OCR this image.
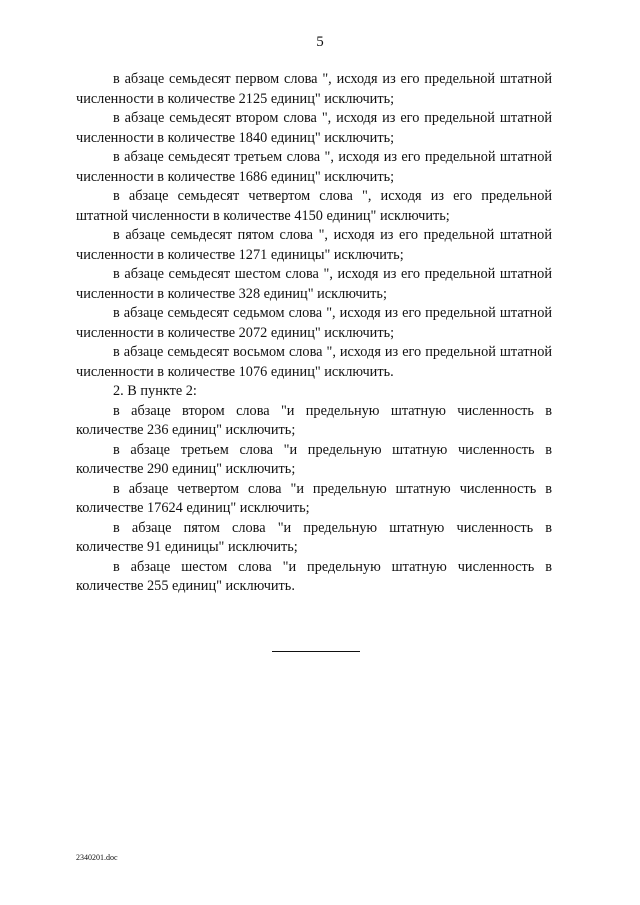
5

в абзаце семьдесят первом слова ", исходя из его предельной штатной численности в количестве 2125 единиц" исключить;

в абзаце семьдесят втором слова ", исходя из его предельной штатной численности в количестве 1840 единиц" исключить;

в абзаце семьдесят третьем слова ", исходя из его предельной штатной численности в количестве 1686 единиц" исключить;

в абзаце семьдесят четвертом слова ", исходя из его предельной штатной численности в количестве 4150 единиц" исключить;

в абзаце семьдесят пятом слова ", исходя из его предельной штатной численности в количестве 1271 единицы" исключить;

в абзаце семьдесят шестом слова ", исходя из его предельной штатной численности в количестве 328 единиц" исключить;

в абзаце семьдесят седьмом слова ", исходя из его предельной штатной численности в количестве 2072 единиц" исключить;

в абзаце семьдесят восьмом слова ", исходя из его предельной штатной численности в количестве 1076 единиц" исключить.

2. В пункте 2:

в абзаце втором слова "и предельную штатную численность в количестве 236 единиц" исключить;

в абзаце третьем слова "и предельную штатную численность в количестве 290 единиц" исключить;

в абзаце четвертом слова "и предельную штатную численность в количестве 17624 единиц" исключить;

в абзаце пятом слова "и предельную штатную численность в количестве 91 единицы" исключить;

в абзаце шестом слова "и предельную штатную численность в количестве 255 единиц" исключить.

2340201.doc
